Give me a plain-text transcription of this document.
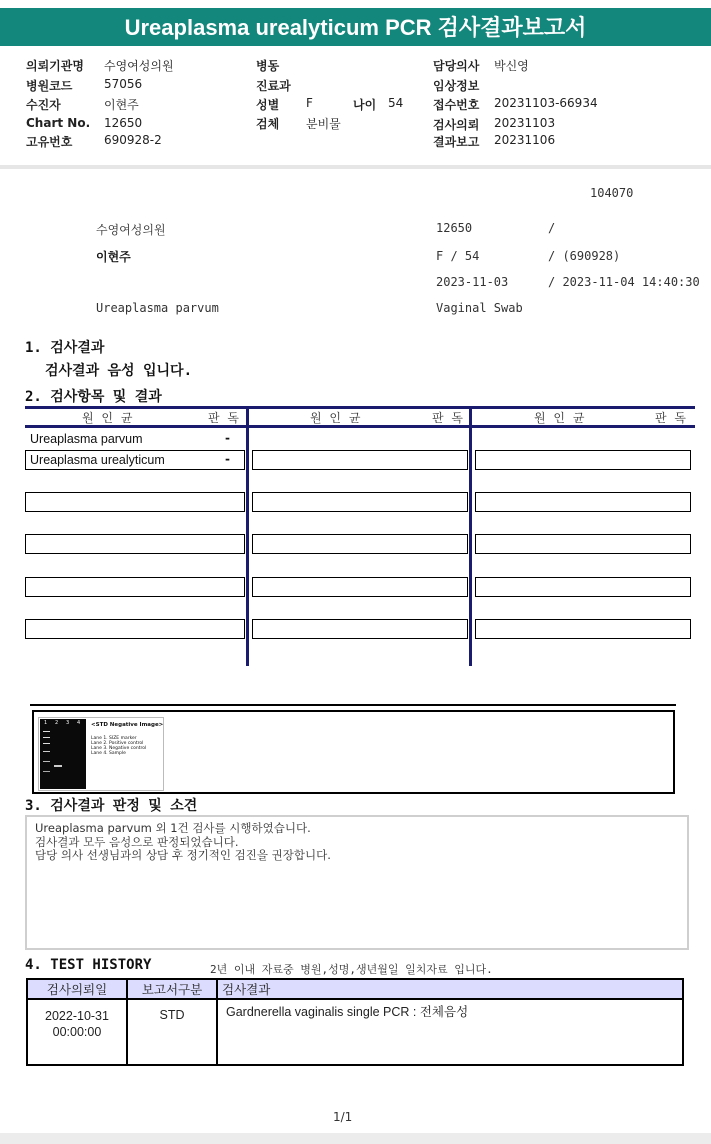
Ureaplasma urealyticum PCR 검사결과보고서
의뢰기관명 수영여성의원
병원코드	57056
수진자	이현주
Chart No. 12650
고유번호	690928-2
병동
진료과
성별 F	나이 54
검체 분비물
담당의사 박신영
임상정보
접수번호 20231103-66934
검사의뢰 20231103
결과보고 20231106
104070
수영여성의원	12650	/
이현주	F / 54	/ (690928)
2023-11-03	/ 2023-11-04 14:40:30
Ureaplasma parvum	Vaginal Swab
1. 검사결과
검사결과 음성 입니다.
2. 검사항목 및 결과
원 인 균	판 독	원 인 균	판 독	원 인 균	판 독
Ureaplasma parvum	-
Ureaplasma urealyticum	-
1 2 3 4 <STD Negative Image>
Lane 1. SIZE marker
Lane 2. Positive control
Lane 3. Negative control
Lane 4. Sample
3. 검사결과 판정 및 소견
Ureaplasma parvum 외 1건 검사를 시행하였습니다.
검사결과 모두 음성으로 판정되었습니다.
담당 의사 선생님과의 상담 후 정기적인 검진을 권장합니다.
4. TEST HISTORY	2년 이내 자료중 병원,성명,생년월일 일치자료 입니다.
검사의뢰일	보고서구분	검사결과

2022-10-31
00:00:00	STD	Gardnerella vaginalis single PCR : 전체음성
1/1
